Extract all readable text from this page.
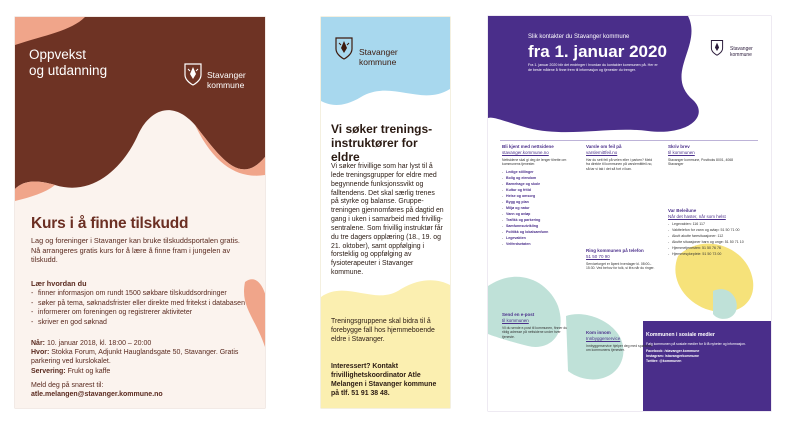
Oppvekst
og utdanning	Stavanger
kommune
Kurs i å finne tilskudd
Lag og foreninger i Stavanger kan bruke tilskuddsportalen gratis. Nå arrangeres gratis kurs for å lære å finne fram i jungelen av tilskudd.
Lær hvordan du
- finner informasjon om rundt 1500 søkbare tilskuddsordninger
- søker på tema, søknadsfrister eller direkte med fritekst i databasen
- informerer om foreningen og registrerer aktiviteter
- skriver en god søknad
Når: 10. januar 2018, kl. 18:00 – 20:00
Hvor: Stokka Forum, Adjunkt Hauglandsgate 50, Stavanger. Gratis parkering ved kurslokalet.
Servering: Frukt og kaffe
Meld deg på snarest til:
atle.melangen@stavanger.kommune.no
Stavanger
kommune
Vi søker trenings-instruktører for eldre
Vi søker frivillige som har lyst til å lede treningsgrupper for eldre med begynnende funksjonssvikt og falltendens. Det skal særlig trenes på styrke og balanse. Gruppe-treningen gjennomføres på dagtid en gang i uken i samarbeid med frivillig-sentralene. Som frivillig instruktør får du tre dagers opplæring (18., 19. og 21. oktober), samt oppfølging i forsteklig og oppfølging av fysioterapeuter i Stavanger kommune.
Treningsgruppene skal bidra til å forebygge fall hos hjemmeboende eldre i Stavanger.
Interessert? Kontakt frivillighetskoordinator Atle Melangen i Stavanger kommune på tlf. 51 91 38 48.
Slik kontakter du Stavanger kommune
fra 1. januar 2020
Fra 1. januar 2020 blir det endringer i hvordan du kontakter kommunen på. Her er de beste måtene å finne frem til informasjon og tjenester du trenger.
Stavanger
kommune
Bli kjent med nettsidene
stavanger.kommune.no
Nettsidene skal gi deg de lenger tilrette om kommunens tjenester.
- Ledige stillinger
- Bolig og eiendom
- Barnehage og skole
- Kultur og fritid
- Helse og omsorg
- Bygg og plan
- Miljø og natur
- Vann og avløp
- Trafikk og parkering
- Samfunnsutvikling
- Politikk og lokalsamfunn
- Legevakten
- Velferdsetaten
Send en e-post
til kommunen
Vil du sende e-post til kommunen, finner du riktig adresse på nettsidene under hver tjeneste.
Varsle om feil på
varslemittfeil.no
Har du sett feil på veien eller i parken? Meld fra direkte til kommunen på varslemittfeil.no, så tar vi tak i det så fort vi kan.
Ring kommunen på telefon
51 50 70 90
Servicetorget er åpent hverdager kl. 08:00–15:30. Ved behov for tolk, si ifra når du ringer.
Kom innom
Innbyggerservice
Innbyggerservice hjelper deg med spørsmål om kommunens tjenester.
Skriv brev
til kommunen
Stavanger kommune, Postboks 8001, 4068 Stavanger
Var Beleilune
Når det haster, når som helst
- Legevakten: 116 117
- Vakttelefon for vann og avløp: 51 50 71 00
- Akutt akutte faresituasjoner: 112
- Akutte situasjoner barn og unge: 51 50 71 10
- Hjemmetjenesten: 51 50 76 76
- Hjemmesykepleie: 51 50 73 00
Kommunen i sosiale medier
Følg kommunen på sosiale medier for å få nyheter og informasjon.
Facebook: /stavanger.kommune
Instagram: /stavangerkommune
Twitter: @kommunen
